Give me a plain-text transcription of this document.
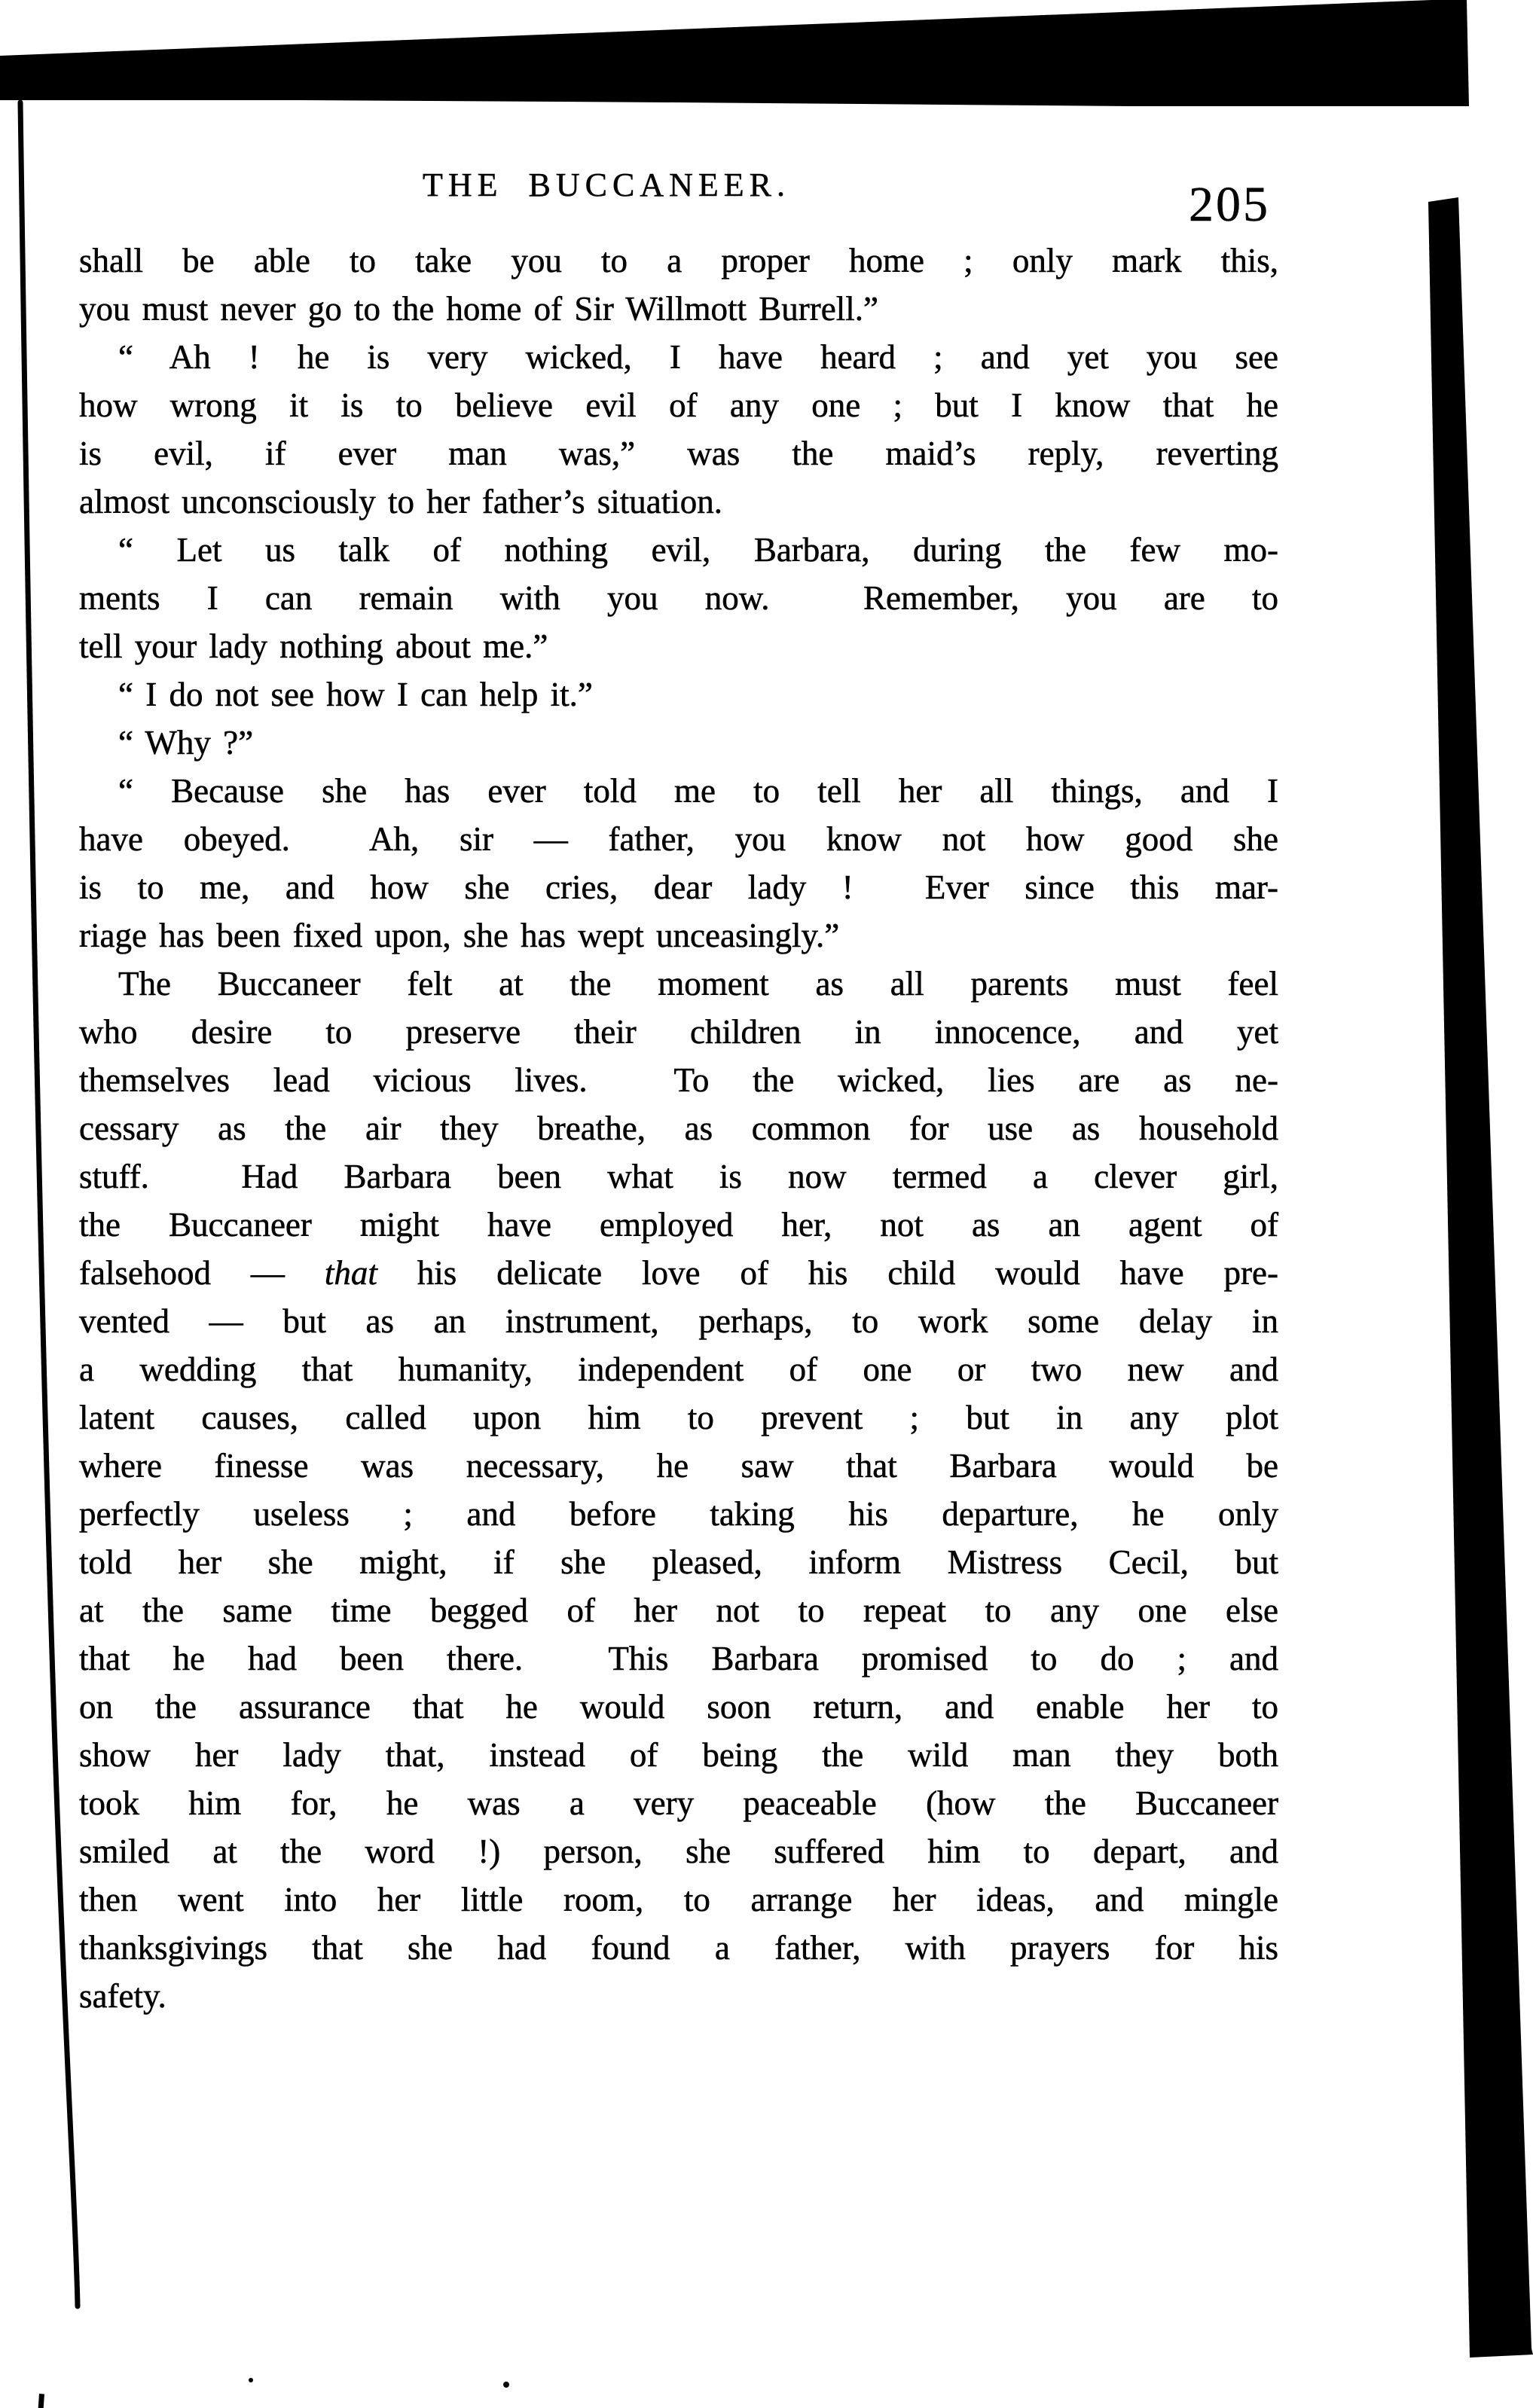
THE BUCCANEER.	205
shall be able to take you to a proper home ; only mark this,
you must never go to the home of Sir Willmott Burrell.”
“ Ah ! he is very wicked, I have heard ; and yet you see
how wrong it is to believe evil of any one ; but I know that he
is evil, if ever man was,” was the maid’s reply, reverting
almost unconsciously to her father’s situation.
“ Let us talk of nothing evil, Barbara, during the few mo-
ments I can remain with you now.  Remember, you are to
tell your lady nothing about me.”
“ I do not see how I can help it.”
“ Why ?”
“ Because she has ever told me to tell her all things, and I
have obeyed.  Ah, sir — father, you know not how good she
is to me, and how she cries, dear lady !  Ever since this mar-
riage has been fixed upon, she has wept unceasingly.”
The Buccaneer felt at the moment as all parents must feel
who desire to preserve their children in innocence, and yet
themselves lead vicious lives.  To the wicked, lies are as ne-
cessary as the air they breathe, as common for use as household
stuff.  Had Barbara been what is now termed a clever girl,
the Buccaneer might have employed her, not as an agent of
falsehood — that his delicate love of his child would have pre-
vented — but as an instrument, perhaps, to work some delay in
a wedding that humanity, independent of one or two new and
latent causes, called upon him to prevent ; but in any plot
where finesse was necessary, he saw that Barbara would be
perfectly useless ; and before taking his departure, he only
told her she might, if she pleased, inform Mistress Cecil, but
at the same time begged of her not to repeat to any one else
that he had been there.  This Barbara promised to do ; and
on the assurance that he would soon return, and enable her to
show her lady that, instead of being the wild man they both
took him for, he was a very peaceable (how the Buccaneer
smiled at the word !) person, she suffered him to depart, and
then went into her little room, to arrange her ideas, and mingle
thanksgivings that she had found a father, with prayers for his
safety.
